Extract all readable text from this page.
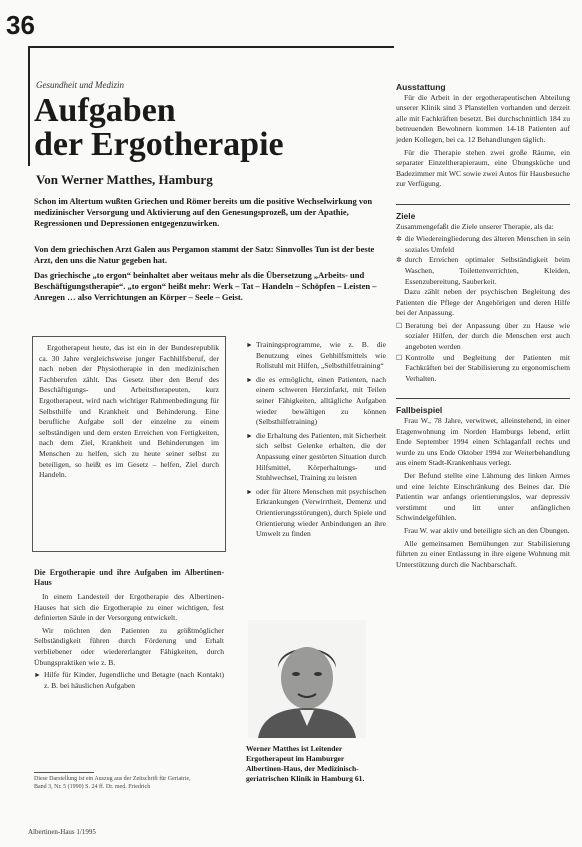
36
Gesundheit und Medizin
Aufgaben
der Ergotherapie
Von Werner Matthes, Hamburg
Schon im Altertum wußten Griechen und Römer bereits um die positive Wechselwirkung von medizinischer Versorgung und Aktivierung auf den Genesungsprozeß, um der Apathie, Regressionen und Depressionen entgegenzuwirken.
Von dem griechischen Arzt Galen aus Pergamon stammt der Satz: Sinnvolles Tun ist der beste Arzt, den uns die Natur gegeben hat.
Das griechische „to ergon“ beinhaltet aber weitaus mehr als die Übersetzung „Arbeits- und Beschäftigungstherapie“. „to ergon“ heißt mehr: Werk – Tat – Handeln – Schöpfen – Leisten – Anregen … also Verrichtungen an Körper – Seele – Geist.

Ergotherapeut heute, das ist ein in der Bundesrepublik ca. 30 Jahre vergleichsweise junger Fachhilfsberuf, der nach neben der Physiotherapie in den medizinischen Fachberufen zählt. Das Gesetz über den Beruf des Beschäftigungs- und Arbeitstherapeuten, kurz Ergotherapeut, wird nach wichtiger Rahmenbedingung für Selbsthilfe und Krankheit und Behinderung. Eine berufliche Aufgabe soll der einzelne zu einem selbständigen und dem ersten Erreichen von Fertigkeiten, nach dem Ziel, Krankheit und Behinderungen im Menschen zu helfen, sich zu heute seiner selbst zu beteiligen, so heißt es im Gesetz – helfen, Ziel durch Handeln.

Die Ergotherapie und ihre Aufgaben im Albertinen-Haus

In einem Landesteil der Ergotherapie des Albertinen-Hauses hat sich die Ergotherapie zu einer wichtigen, fest definierten Säule in der Versorgung entwickelt.

Wir möchten den Patienten zu größtmöglicher Selbständigkeit führen durch Förderung und Erhalt verbliebener oder wiedererlangter Fähigkeiten, durch Übungspraktiken wie z. B.

► Hilfe für Kinder, Jugendliche und Betagte (nach Kontakt) z. B. bei häuslichen Aufgaben
Diese Darstellung ist ein Auszug aus der Zeitschrift für Geriatrie, Band 3, Nr. 5 (1990) S. 24 ff. Dr. med. Friedrich
► Trainingsprogramme, wie z. B. die Benutzung eines Gehhilfsmittels wie Rollstuhl mit Hilfen, „Selbsthilfetraining“
► die es ermöglicht, einen Patienten, nach einem schweren Herzinfarkt, mit Teilen seiner Fähigkeiten, alltägliche Aufgaben wieder bewältigen zu können (Selbsthilfetraining)
► die Erhaltung des Patienten, mit Sicherheit sich selbst Gelenke erhalten, die der Anpassung einer gestörten Situation durch Hilfsmittel, Körperhaltungs- und Stuhlwechsel, Training zu leisten
► oder für ältere Menschen mit psychischen Erkrankungen (Verwirrtheit, Demenz und Orientierungsstörungen), durch Spiele und Orientierung wieder Anbindungen an ihre Umwelt zu finden
Werner Matthes ist Leitender Ergotherapeut im Hamburger Albertinen-Haus, der Medizinisch-geriatrischen Klinik in Hamburg 61.
Ausstattung

Für die Arbeit in der ergotherapeutischen Abteilung unserer Klinik sind 3 Planstellen vorhanden und derzeit alle mit Fachkräften besetzt. Bei durchschnittlich 184 zu betreuenden Bewohnern kommen 14-18 Patienten auf jeden Kollegen, bei ca. 12 Behandlungen täglich.

Für die Therapie stehen zwei große Räume, ein separater Einzeltherapieraum, eine Übungsküche und Badezimmer mit WC sowie zwei Autos für Hausbesuche zur Verfügung.

Ziele

Zusammengefaßt die Ziele unserer Therapie, als da:

✲ die Wiedereingliederung des älteren Menschen in sein soziales Umfeld
✲ durch Erreichen optimaler Selbständigkeit beim Waschen, Toilettenverrichten, Kleiden, Essenzubereitung, Sauberkeit.

Dazu zählt neben der psychischen Begleitung des Patienten die Pflege der Angehörigen und deren Hilfe bei der Anpassung.

☐ Beratung bei der Anpassung über zu Hause wie sozialer Hilfen, der durch die Menschen erst auch angeboten werden
☐ Kontrolle und Begleitung der Patienten mit Fachkräften bei der Stabilisierung zu ergonomischem Verhalten.
Fallbeispiel

Frau W., 78 Jahre, verwitwet, alleinstehend, in einer Etagenwohnung im Norden Hamburgs lebend, erlitt Ende September 1994 einen Schlaganfall rechts und wurde zu uns Ende Oktober 1994 zur Weiterbehandlung aus einem Stadt-Krankenhaus verlegt.

Der Befund stellte eine Lähmung des linken Armes und eine leichte Einschränkung des Beines dar. Die Patientin war anfangs orientierungslos, war depressiv verstimmt und litt unter anfänglichen Schwindelgefühlen.

Frau W. war aktiv und beteiligte sich an den Übungen.

Alle gemeinsamen Bemühungen zur Stabilisierung führten zu einer Entlassung in ihre eigene Wohnung mit Unterstützung durch die Nachbarschaft.

Albertinen-Haus 1/1995
